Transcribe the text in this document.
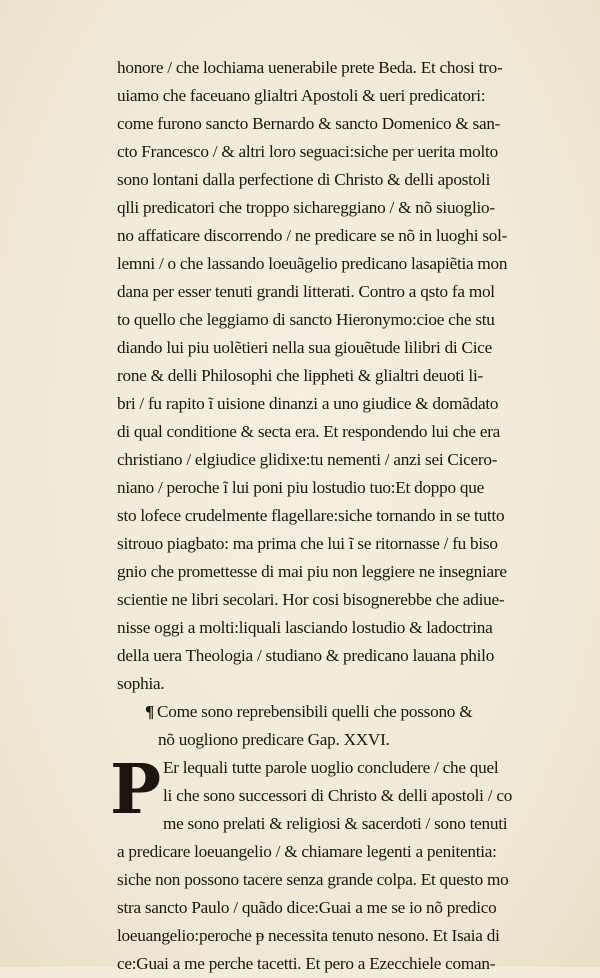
honore / che lochiama uenerabile prete Beda. Et chosi tro-
uiamo che faceuano glialtri Apostoli & ueri predicatori:
come furono sancto Bernardo & sancto Domenico & san-
cto Francesco / & altri loro seguaci:siche per uerita molto
sono lontani dalla perfectione di Christo & delli apostoli
qlli predicatori che troppo sichareggiano / & nõ siuoglio-
no affaticare discorrendo / ne predicare se nõ in luoghi sol-
lemni / o che lassando loeuãgelio predicano lasapiẽtia mon
dana per esser tenuti grandi litterati. Contro a qsto fa mol
to quello che leggiamo di sancto Hieronymo:cioe che stu
diando lui piu uolẽtieri nella sua giouẽtude lilibri di Cice
rone & delli Philosophi che liᵽpheti & glialtri deuoti li-
bri / fu rapito ĩ uisione dinanzi a uno giudice & domãdato
di qual conditione & secta era. Et respondendo lui che era
christiano / elgiudice glidixe:tu nementi / anzi sei Cicero-
niano / peroche ĩ lui poni piu lostudio tuo:Et doppo que
sto lofece crudelmente flagellare:siche tornando in se tutto
sitrouo piagbato: ma prima che lui ĩ se ritornasse / fu biso
gnio che promettesse di mai piu non leggiere ne insegniare
scientie ne libri secolari. Hor cosi bisognerebbe che adiue-
nisse oggi a molti:liquali lasciando lostudio & ladoctrina
della uera Theologia / studiano & predicano lauana philo
sophia.
¶ Come sono reprebensibili quelli che possono &
nõ uogliono predicare Gap. XXVI.
P Er lequali tutte parole uoglio concludere / che quel
li che sono successori di Christo & delli apostoli / co
me sono prelati & religiosi & sacerdoti / sono tenuti
a predicare loeuangelio / & chiamare legenti a penitentia:
siche non possono tacere senza grande colpa. Et questo mo
stra sancto Paulo / quãdo dice:Guai a me se io nõ predico
loeuangelio:peroche ᵽ necessita tenuto nesono. Et Isaia di
ce:Guai a me perche tacetti. Et pero a Ezecchiele coman-
